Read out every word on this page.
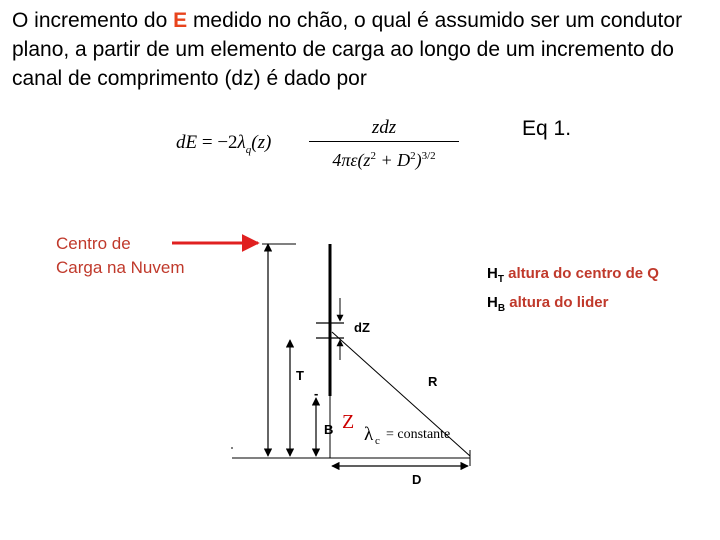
O incremento do E medido no chão, o qual é assumido ser um condutor plano, a partir de um elemento de carga ao longo de um incremento do canal de comprimento (dz) é dado por

dE = $-2\lambda_q(z)$
zdz
$4\pi\varepsilon(z^2 + D^2)^{3/2}$
Eq 1.
Centro de
Carga na Nuvem	$H_T$ altura do centro de Q
$H_B$ altura do lider
dZ
T
-
B
R
D
Z
λ c = constante
